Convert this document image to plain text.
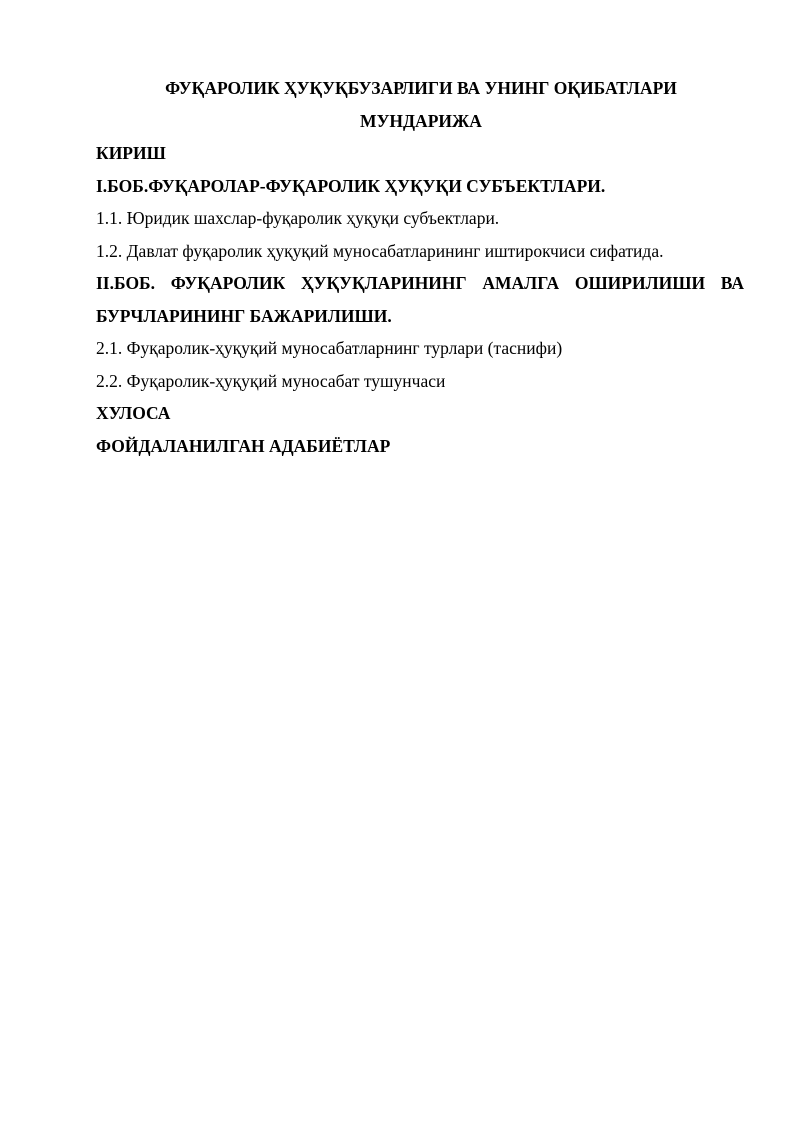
ФУҚАРОЛИК ҲУҚУҚБУЗАРЛИГИ ВА УНИНГ ОҚИБАТЛАРИ
МУНДАРИЖА
КИРИШ
I.БОБ.ФУҚАРОЛАР-ФУҚАРОЛИК ҲУҚУҚИ СУБЪЕКТЛАРИ.
1.1. Юридик шахслар-фуқаролик ҳуқуқи субъектлари.
1.2. Давлат фуқаролик ҳуқуқий муносабатларининг иштирокчиси сифатида.
II.БОБ. ФУҚАРОЛИК ҲУҚУҚЛАРИНИНГ АМАЛГА ОШИРИЛИШИ ВА
БУРЧЛАРИНИНГ БАЖАРИЛИШИ.
2.1. Фуқаролик-ҳуқуқий муносабатларнинг турлари (таснифи)
2.2. Фуқаролик-ҳуқуқий муносабат тушунчаси
ХУЛОСА
ФОЙДАЛАНИЛГАН АДАБИЁТЛАР
